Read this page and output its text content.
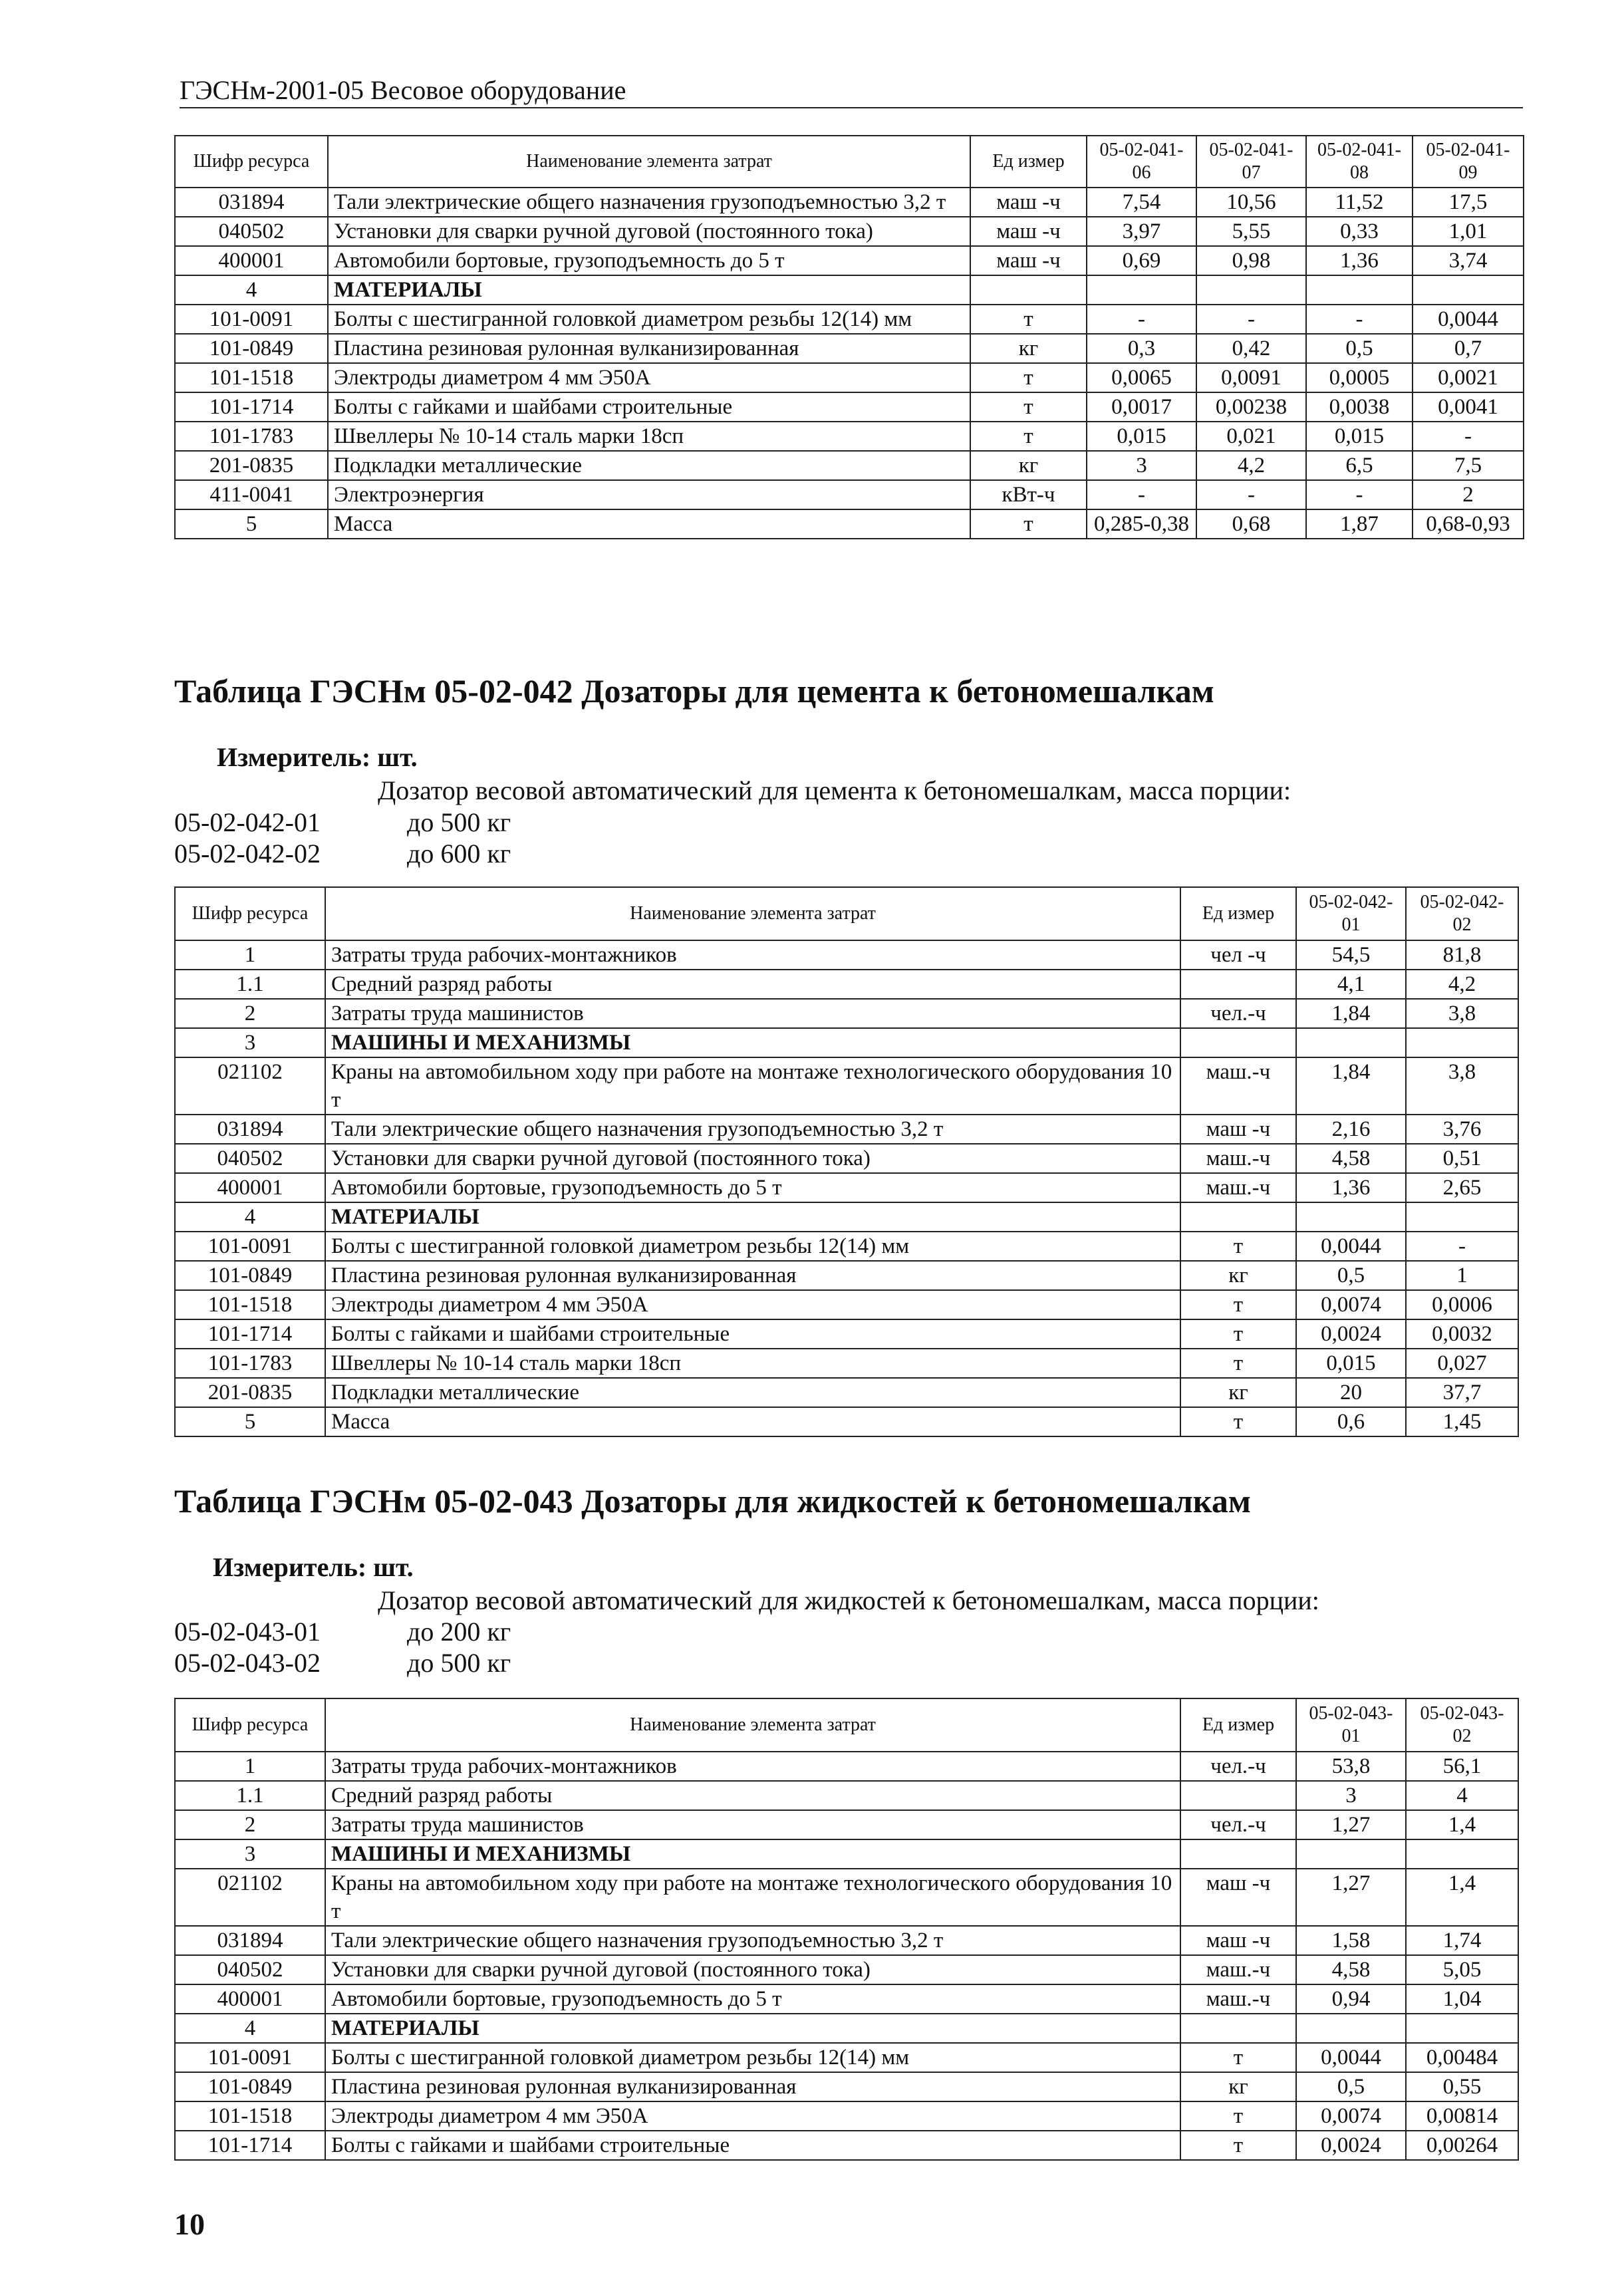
ГЭСНм-2001-05 Весовое оборудование
Шифр ресурса	Наименование элемента затрат	Ед измер	05-02-041-06	05-02-041-07	05-02-041-08	05-02-041-09
031894	Тали электрические общего назначения грузоподъемностью 3,2 т	маш -ч	7,54	10,56	11,52	17,5
040502	Установки для сварки ручной дуговой (постоянного тока)	маш -ч	3,97	5,55	0,33	1,01
400001	Автомобили бортовые, грузоподъемность до 5 т	маш -ч	0,69	0,98	1,36	3,74
4	МАТЕРИАЛЫ					
101-0091	Болты с шестигранной головкой диаметром резьбы 12(14) мм	т	-	-	-	0,0044
101-0849	Пластина резиновая рулонная вулканизированная	кг	0,3	0,42	0,5	0,7
101-1518	Электроды диаметром 4 мм Э50А	т	0,0065	0,0091	0,0005	0,0021
101-1714	Болты с гайками и шайбами строительные	т	0,0017	0,00238	0,0038	0,0041
101-1783	Швеллеры № 10-14 сталь марки 18сп	т	0,015	0,021	0,015	-
201-0835	Подкладки металлические	кг	3	4,2	6,5	7,5
411-0041	Электроэнергия	кВт-ч	-	-	-	2
5	Масса	т	0,285-0,38	0,68	1,87	0,68-0,93
Таблица ГЭСНм 05-02-042 Дозаторы для цемента к бетономешалкам
Измеритель: шт.
Дозатор весовой автоматический для цемента к бетономешалкам, масса порции:
05-02-042-01	до 500 кг
05-02-042-02	до 600 кг
Шифр ресурса	Наименование элемента затрат	Ед измер	05-02-042-01	05-02-042-02
1	Затраты труда рабочих-монтажников	чел -ч	54,5	81,8
1.1	Средний разряд работы		4,1	4,2
2	Затраты труда машинистов	чел.-ч	1,84	3,8
3	МАШИНЫ И МЕХАНИЗМЫ			
021102	Краны на автомобильном ходу при работе на монтаже технологического оборудования 10 т	маш.-ч	1,84	3,8
031894	Тали электрические общего назначения грузоподъемностью 3,2 т	маш -ч	2,16	3,76
040502	Установки для сварки ручной дуговой (постоянного тока)	маш.-ч	4,58	0,51
400001	Автомобили бортовые, грузоподъемность до 5 т	маш.-ч	1,36	2,65
4	МАТЕРИАЛЫ			
101-0091	Болты с шестигранной головкой диаметром резьбы 12(14) мм	т	0,0044	-
101-0849	Пластина резиновая рулонная вулканизированная	кг	0,5	1
101-1518	Электроды диаметром 4 мм Э50А	т	0,0074	0,0006
101-1714	Болты с гайками и шайбами строительные	т	0,0024	0,0032
101-1783	Швеллеры № 10-14 сталь марки 18сп	т	0,015	0,027
201-0835	Подкладки металлические	кг	20	37,7
5	Масса	т	0,6	1,45
Таблица ГЭСНм 05-02-043 Дозаторы для жидкостей к бетономешалкам
Измеритель: шт.
Дозатор весовой автоматический для жидкостей к бетономешалкам, масса порции:
05-02-043-01	до 200 кг
05-02-043-02	до 500 кг
Шифр ресурса	Наименование элемента затрат	Ед измер	05-02-043-01	05-02-043-02
1	Затраты труда рабочих-монтажников	чел.-ч	53,8	56,1
1.1	Средний разряд работы		3	4
2	Затраты труда машинистов	чел.-ч	1,27	1,4
3	МАШИНЫ И МЕХАНИЗМЫ			
021102	Краны на автомобильном ходу при работе на монтаже технологического оборудования 10 т	маш -ч	1,27	1,4
031894	Тали электрические общего назначения грузоподъемностью 3,2 т	маш -ч	1,58	1,74
040502	Установки для сварки ручной дуговой (постоянного тока)	маш.-ч	4,58	5,05
400001	Автомобили бортовые, грузоподъемность до 5 т	маш.-ч	0,94	1,04
4	МАТЕРИАЛЫ			
101-0091	Болты с шестигранной головкой диаметром резьбы 12(14) мм	т	0,0044	0,00484
101-0849	Пластина резиновая рулонная вулканизированная	кг	0,5	0,55
101-1518	Электроды диаметром 4 мм Э50А	т	0,0074	0,00814
101-1714	Болты с гайками и шайбами строительные	т	0,0024	0,00264
10
